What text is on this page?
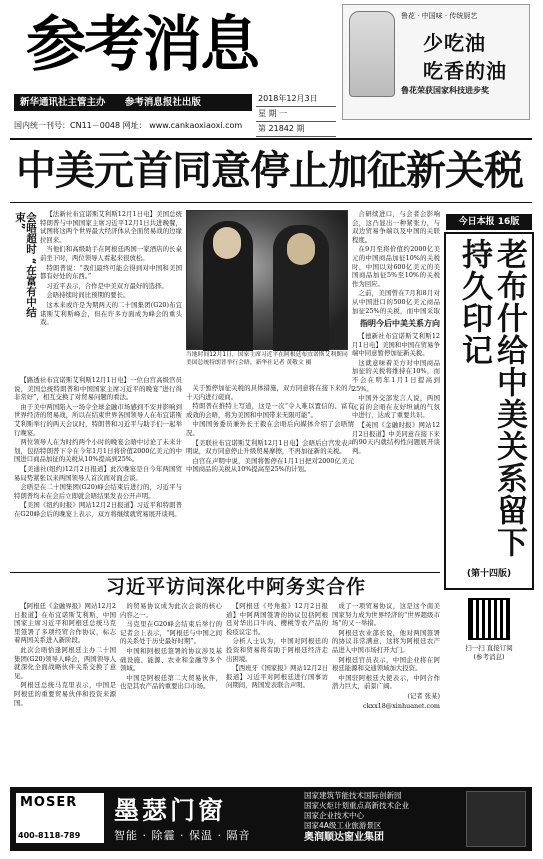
参考消息
新华通讯社主管主办 参考消息报社出版	2018年12月3日
星 期 一
第 21842 期
国内统一刊号：CN11－0048 网址： www.cankaoxiaoxi.com
鲁花 · 中国味 · 传统厨艺
少吃油
吃香的油
鲁花荣获国家科技进步奖
中美元首同意停止加征新关税
会晤超时 “在富有中结束”	【法新社布宜诺斯艾利斯12月1日电】美国总统特朗普与中国国家主席习近平12月1日共进晚餐，试图将这两个世界最大经济体从全面贸易战的边缘拉回来。

当他们和高级助手在阿根廷两国一家酒店的长桌前坐下时，两位领导人看起来很放松。

特朗普说：“我们最终可能会得到对中国和美国都有好处的东西。”

习近平表示，合作是中美双方最好的选择。

会晤持续时间比预期的要长。

这本来或许是为期两天的二十国集团(G20)布宜诺斯艾利斯峰会，但在许多方面成为峰会的重头戏。

【路透社布宜诺斯艾利斯12月1日电】一位白宫高级官员说，美国总统特朗普和中国国家主席习近平的晚宴“进行得非常好”，相互交换了对贸易问题的看法。

由于美中两国陷入一场令全球金融市场感到不安并影响到世界经济的贸易战，所以在结束世界各国领导人在布宜诺斯艾利斯举行的两天会议时，特朗普和习近平与助手们一起举行晚宴。

两位领导人在为时约两个小时的晚宴会晤中讨论了未来计划，包括特朗普下令在今年1月1日将价值2000亿美元的中国进口商品加征的关税从10%提高到25%。

【美通社(纽约)12月2日报道】此次晚宴是自今年两国贸易局势紧张以来两国领导人首次面对面会谈。

会晤是在二十国集团(G20)峰会结束后进行的，习近平与特朗普均未在会后立即就会晤结果发表公开声明。

【美国《纽约时报》网站12月2日报道】习近平和特朗普在G20峰会后的晚宴上表示，双方将继续就贸易展开谈判。

当地时间12月1日，国家主席习近平在阿根廷布宜诺斯艾利斯同美国总统特朗普举行会晤。新华社记者 黄敬文 摄

关于暂停加征关税的具体措施，双方同意将在接下来的九十天内进行磋商。

特朗普在推特上写道，这是一次“令人难以置信的、富有成效的会晤，将为美国和中国带来无限可能”。

中国国务委员兼外长王毅在会晤后向媒体介绍了会晤情况。

【美联社布宜诺斯艾利斯12月1日电】会晤后白宫发表声明说，双方同意停止升级贸易摩擦，不再加征新的关税。

白宫在声明中说，美国将暂停在1月1日把对2000亿美元中国商品的关税从10%提高至25%的计划。

合研续进口，与会者会影响会，这凸显出一种紧张力，与双边贸易争端以及中国的关联程度。

在9月至将价值约2000亿美元的中国商品加征10%的关税时，中国以对600亿美元的美国商品加征5%至10%的关税作为回应。

之前，美国曾在7月和8月对从中国进口的500亿美元商品加征25%的关税，而中国采取

指明今后中美关系方向

【德新社布宜诺斯艾利斯12月1日电】美国和中国在贸易争端中同意暂停加征新关税。

这就意味着美方对中国商品加征的关税将维持在10%，而不会在明年1月1日提高到25%。

中国外交部发言人说，两国元首的会晤在友好坦诚的气氛中进行，达成了重要共识。

【英国《金融时报》网站12月2日报道】中美同意在接下来的90天内就结构性问题展开谈判。

今日本报 16版
老布什给中美关系留下持久印记
(第十四版)
习近平访问深化中阿务实合作

【阿根廷《金融界报》网站12月2日报道】在布宜诺斯艾利斯，中国国家主席习近平和阿根廷总统马克里签署了多项经贸合作协议，标志着两国关系进入新阶段。

此次会晤恰逢阿根廷主办二十国集团(G20)领导人峰会，两国领导人就深化全面战略伙伴关系交换了意见。

阿根廷总统马克里表示，中国是阿根廷的重要贸易伙伴和投资来源国。

的贸易协议成为此次会谈的核心内容之一。

马克里在G20峰会结束后举行的记者会上表示，“阿根廷与中国之间的关系处于历史最好时期”。

中国和阿根廷签署的协议涉及基础设施、能源、农业和金融等多个领域。

中国是阿根廷第二大贸易伙伴，也是其农产品的重要出口市场。

【阿根廷《号角报》12月2日报道】中阿两国签署的协议包括阿根廷对华出口牛肉、樱桃等农产品的检疫议定书。

分析人士认为，中国对阿根廷的投资和贸易将有助于阿根廷经济走出困境。

【西班牙《国家报》网站12月2日报道】习近平对阿根廷进行国事访问期间，两国发表联合声明。

成了一项贸易协议，这是这个南美国家努力成为世界经济的“世界超级市场”的又一举措。

阿根廷农业部长说，他对两国签署的协议非常满意，这将为阿根廷农产品进入中国市场打开大门。

阿根廷官员表示，中国企业将在阿根廷能源和交通领域加大投资。

中国驻阿根廷大使表示，中阿合作潜力巨大，前景广阔。

(记者 张某)

ckxx18@xinhuanet.com

扫一扫 直接订阅
(参考消息)
MOSER
400-8118-789
墨瑟门窗
智能 · 除霾 · 保温 · 隔音
国家建筑节能技术国际创新园
国家火炬计划重点高新技术企业
国家企业技术中心
国家4A级工业旅游景区
奥润顺达窗业集团
